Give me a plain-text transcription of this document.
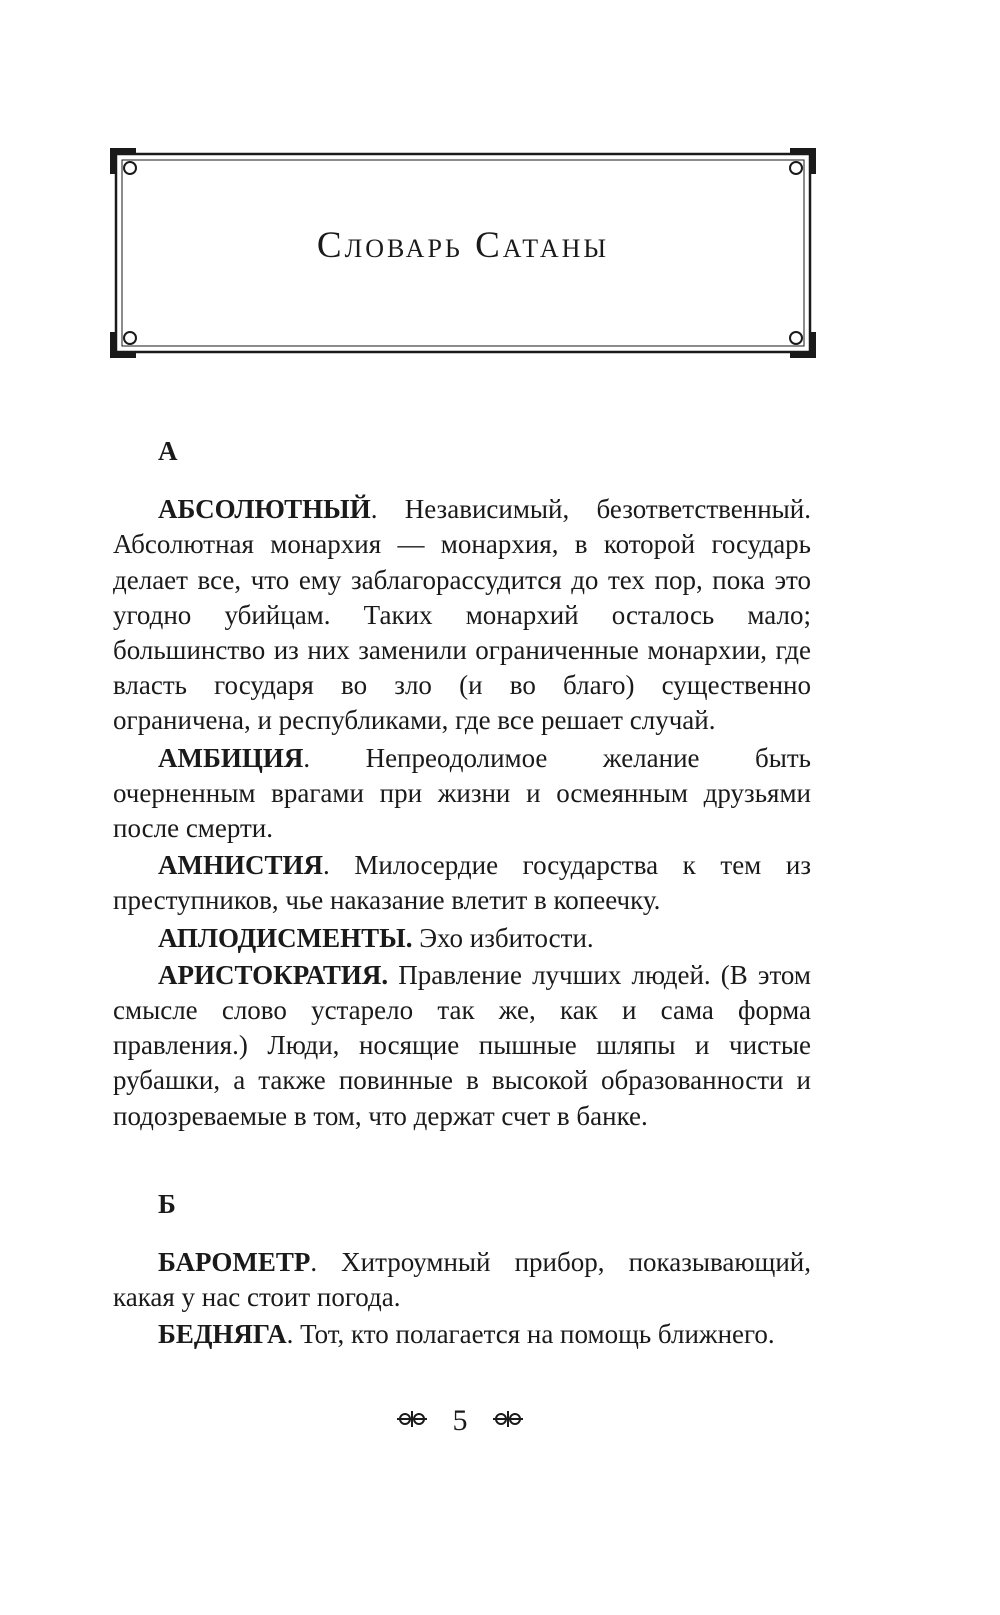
Словарь Сатаны
А

АБСОЛЮТНЫЙ. Независимый, безответственный. Абсолютная монархия — монархия, в которой государь делает все, что ему заблагорассудится до тех пор, пока это угодно убийцам. Таких монархий осталось мало; большинство из них заменили ограниченные монархии, где власть государя во зло (и во благо) существенно ограничена, и республиками, где все решает случай.

АМБИЦИЯ. Непреодолимое желание быть очерненным врагами при жизни и осмеянным друзьями после смерти.

АМНИСТИЯ. Милосердие государства к тем из преступников, чье наказание влетит в копеечку.

АПЛОДИСМЕНТЫ. Эхо избитости.

АРИСТОКРАТИЯ. Правление лучших людей. (В этом смысле слово устарело так же, как и сама форма правления.) Люди, носящие пышные шляпы и чистые рубашки, а также повинные в высокой образованности и подозреваемые в том, что держат счет в банке.

Б

БАРОМЕТР. Хитроумный прибор, показывающий, какая у нас стоит погода.

БЕДНЯГА. Тот, кто полагается на помощь ближнего.

5
